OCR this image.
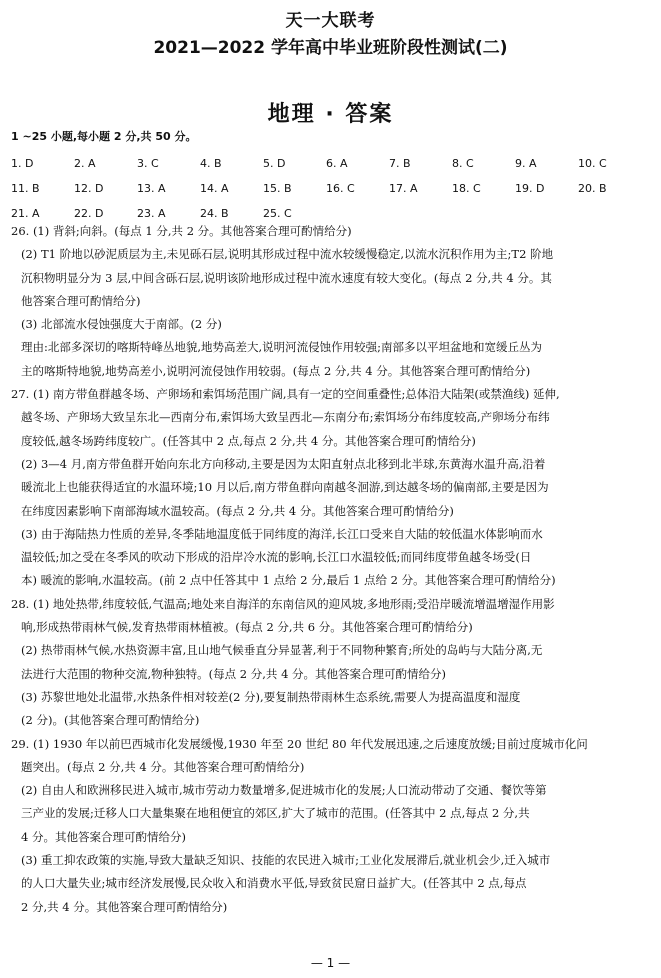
天一大联考
2021—2022 学年高中毕业班阶段性测试(二)
地理 · 答案
1 ~25 小题,每小题 2 分,共 50 分。
1. D	2. A	3. C	4. B	5. D	6. A	7. B	8. C	9. A	10. C
11. B	12. D	13. A	14. A	15. B	16. C	17. A	18. C	19. D	20. B
21. A	22. D	23. A	24. B	25. C

26. (1) 背斜;向斜。(每点 1 分,共 2 分。其他答案合理可酌情给分)

(2) T1 阶地以砂泥质层为主,未见砾石层,说明其形成过程中流水较缓慢稳定,以流水沉积作用为主;T2 阶地

沉积物明显分为 3 层,中间含砾石层,说明该阶地形成过程中流水速度有较大变化。(每点 2 分,共 4 分。其

他答案合理可酌情给分)

(3) 北部流水侵蚀强度大于南部。(2 分)

理由:北部多深切的喀斯特峰丛地貌,地势高差大,说明河流侵蚀作用较强;南部多以平坦盆地和宽缓丘丛为

主的喀斯特地貌,地势高差小,说明河流侵蚀作用较弱。(每点 2 分,共 4 分。其他答案合理可酌情给分)

27. (1) 南方带鱼群越冬场、产卵场和索饵场范围广阔,具有一定的空间重叠性;总体沿大陆架(或禁渔线) 延伸,

越冬场、产卵场大致呈东北—西南分布,索饵场大致呈西北—东南分布;索饵场分布纬度较高,产卵场分布纬

度较低,越冬场跨纬度较广。(任答其中 2 点,每点 2 分,共 4 分。其他答案合理可酌情给分)

(2) 3—4 月,南方带鱼群开始向东北方向移动,主要是因为太阳直射点北移到北半球,东黄海水温升高,沿着

暖流北上也能获得适宜的水温环境;10 月以后,南方带鱼群向南越冬洄游,到达越冬场的偏南部,主要是因为

在纬度因素影响下南部海域水温较高。(每点 2 分,共 4 分。其他答案合理可酌情给分)

(3) 由于海陆热力性质的差异,冬季陆地温度低于同纬度的海洋,长江口受来自大陆的较低温水体影响而水

温较低;加之受在冬季风的吹动下形成的沿岸冷水流的影响,长江口水温较低;而同纬度带鱼越冬场受(日

本) 暖流的影响,水温较高。(前 2 点中任答其中 1 点给 2 分,最后 1 点给 2 分。其他答案合理可酌情给分)

28. (1) 地处热带,纬度较低,气温高;地处来自海洋的东南信风的迎风坡,多地形雨;受沿岸暖流增温增湿作用影

响,形成热带雨林气候,发育热带雨林植被。(每点 2 分,共 6 分。其他答案合理可酌情给分)

(2) 热带雨林气候,水热资源丰富,且山地气候垂直分异显著,利于不同物种繁育;所处的岛屿与大陆分离,无

法进行大范围的物种交流,物种独特。(每点 2 分,共 4 分。其他答案合理可酌情给分)

(3) 苏黎世地处北温带,水热条件相对较差(2 分),要复制热带雨林生态系统,需要人为提高温度和湿度

(2 分)。(其他答案合理可酌情给分)

29. (1) 1930 年以前巴西城市化发展缓慢,1930 年至 20 世纪 80 年代发展迅速,之后速度放缓;目前过度城市化问

题突出。(每点 2 分,共 4 分。其他答案合理可酌情给分)

(2) 自由人和欧洲移民进入城市,城市劳动力数量增多,促进城市化的发展;人口流动带动了交通、餐饮等第

三产业的发展;迁移人口大量集聚在地租便宜的郊区,扩大了城市的范围。(任答其中 2 点,每点 2 分,共

4 分。其他答案合理可酌情给分)

(3) 重工抑农政策的实施,导致大量缺乏知识、技能的农民进入城市;工业化发展滞后,就业机会少,迁入城市

的人口大量失业;城市经济发展慢,民众收入和消费水平低,导致贫民窟日益扩大。(任答其中 2 点,每点

2 分,共 4 分。其他答案合理可酌情给分)

— 1 —
